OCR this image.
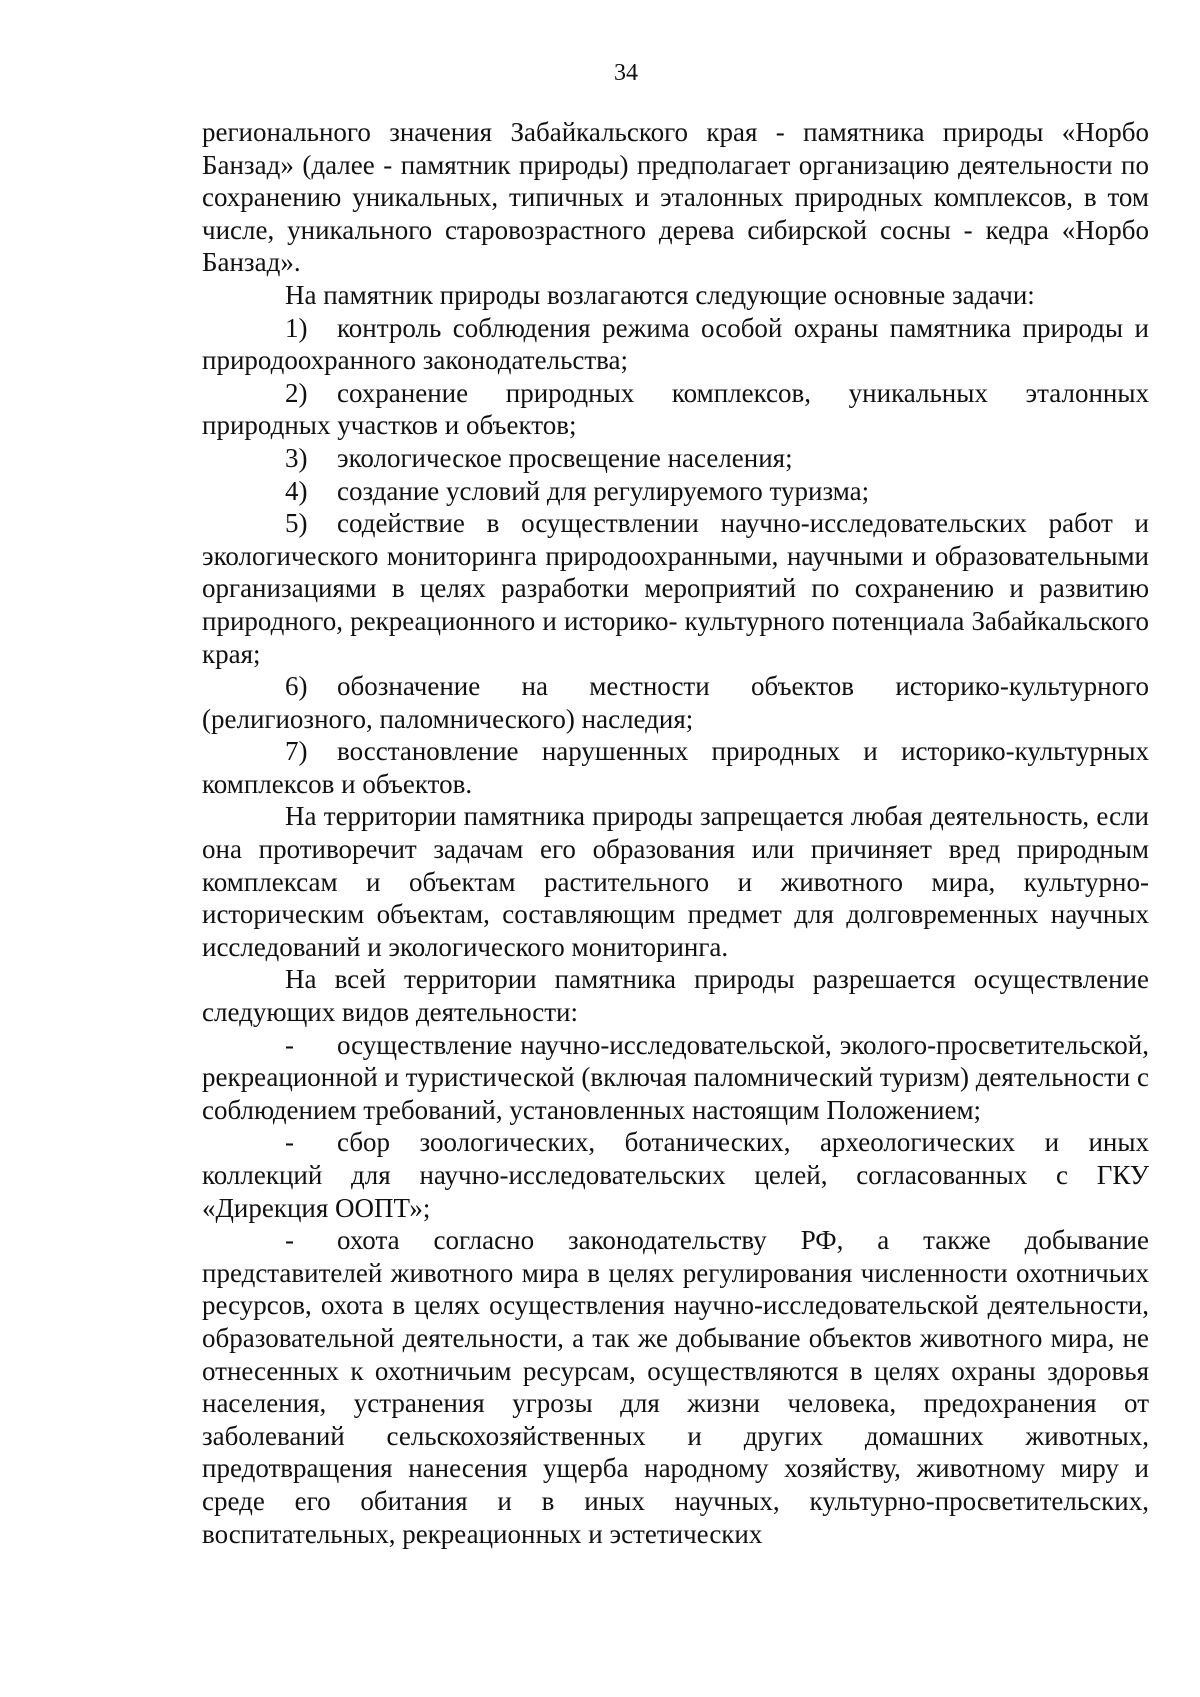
34

регионального значения Забайкальского края - памятника природы «Норбо Банзад» (далее - памятник природы) предполагает организацию деятельности по сохранению уникальных, типичных и эталонных природных комплексов, в том числе, уникального старовозрастного дерева сибирской сосны - кедра «Норбо Банзад».

На памятник природы возлагаются следующие основные задачи:

1) контроль соблюдения режима особой охраны памятника природы и природоохранного законодательства;

2) сохранение природных комплексов, уникальных эталонных природных участков и объектов;

3) экологическое просвещение населения;

4) создание условий для регулируемого туризма;

5) содействие в осуществлении научно-исследовательских работ и экологического мониторинга природоохранными, научными и образовательными организациями в целях разработки мероприятий по сохранению и развитию природного, рекреационного и историко- культурного потенциала Забайкальского края;

6) обозначение на местности объектов историко-культурного (религиозного, паломнического) наследия;

7) восстановление нарушенных природных и историко-культурных комплексов и объектов.

На территории памятника природы запрещается любая деятельность, если она противоречит задачам его образования или причиняет вред природным комплексам и объектам растительного и животного мира, культурно-историческим объектам, составляющим предмет для долговременных научных исследований и экологического мониторинга.

На всей территории памятника природы разрешается осуществление следующих видов деятельности:

- осуществление научно-исследовательской, эколого-просветительской, рекреационной и туристической (включая паломнический туризм) деятельности с соблюдением требований, установленных настоящим Положением;

- сбор зоологических, ботанических, археологических и иных коллекций для научно-исследовательских целей, согласованных с ГКУ «Дирекция ООПТ»;

- охота согласно законодательству РФ, а также добывание представителей животного мира в целях регулирования численности охотничьих ресурсов, охота в целях осуществления научно-исследовательской деятельности, образовательной деятельности, а так же добывание объектов животного мира, не отнесенных к охотничьим ресурсам, осуществляются в целях охраны здоровья населения, устранения угрозы для жизни человека, предохранения от заболеваний сельскохозяйственных и других домашних животных, предотвращения нанесения ущерба народному хозяйству, животному миру и среде его обитания и в иных научных, культурно-просветительских, воспитательных, рекреационных и эстетических
